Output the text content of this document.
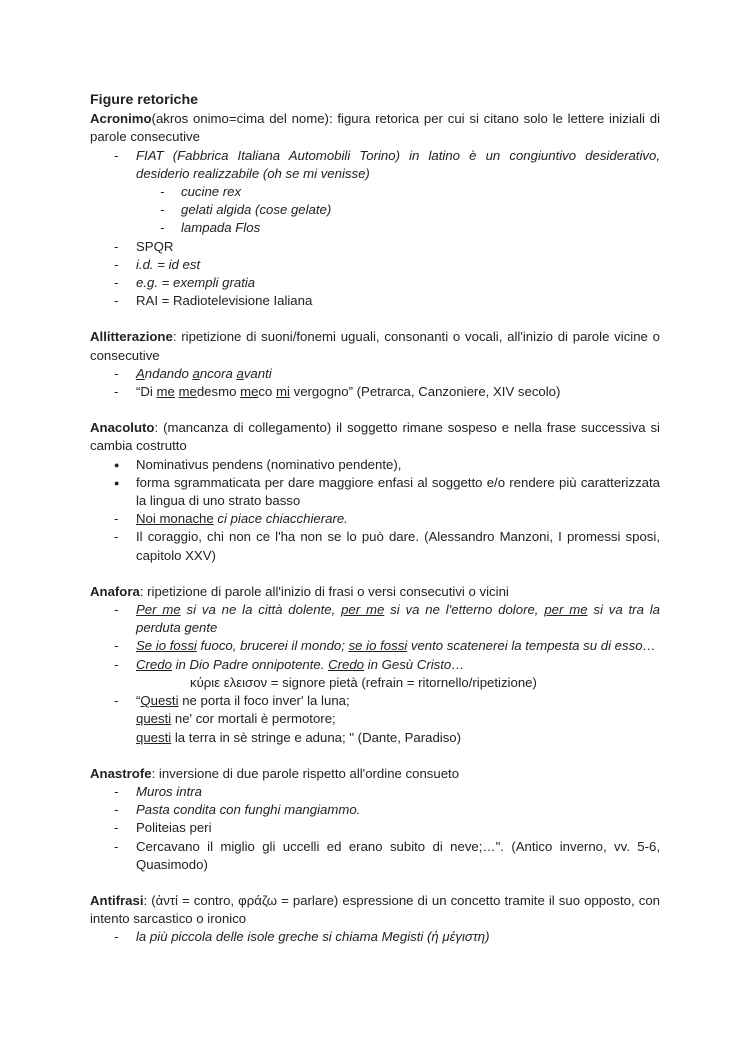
Figure retoriche
Acronimo(akros onimo=cima del nome): figura retorica per cui si citano solo le lettere iniziali di parole consecutive
- FIAT (Fabbrica Italiana Automobili Torino) in latino è un congiuntivo desiderativo, desiderio realizzabile (oh se mi venisse)
- cucine rex
- gelati algida (cose gelate)
- lampada Flos
- SPQR
- i.d. = id est
- e.g. = exempli gratia
- RAI = Radiotelevisione Ialiana
Allitterazione: ripetizione di suoni/fonemi uguali, consonanti o vocali, all'inizio di parole vicine o consecutive
- Andando ancora avanti
- “Di me medesmo meco mi vergogno” (Petrarca, Canzoniere, XIV secolo)
Anacoluto: (mancanza di collegamento) il soggetto rimane sospeso e nella frase successiva si cambia costrutto
● Nominativus pendens (nominativo pendente),
● forma sgrammaticata per dare maggiore enfasi al soggetto e/o rendere più caratterizzata la lingua di uno strato basso
- Noi monache ci piace chiacchierare.
- Il coraggio, chi non ce l'ha non se lo può dare. (Alessandro Manzoni, I promessi sposi, capitolo XXV)
Anafora: ripetizione di parole all'inizio di frasi o versi consecutivi o vicini
- Per me si va ne la città dolente, per me si va ne l'etterno dolore, per me si va tra la perduta gente
- Se io fossi fuoco, brucerei il mondo; se io fossi vento scatenerei la tempesta su di esso…
- Credo in Dio Padre onnipotente. Credo in Gesù Cristo…
κύριε ελεισον = signore pietà (refrain = ritornello/ripetizione)
- “Questi ne porta il foco inver' la luna;
questi ne' cor mortali è permotore;
questi la terra in sè stringe e aduna; " (Dante, Paradiso)
Anastrofe: inversione di due parole rispetto all'ordine consueto
- Muros intra
- Pasta condita con funghi mangiammo.
- Politeias peri
- Cercavano il miglio gli uccelli ed erano subito di neve;…". (Antico inverno, vv. 5-6, Quasimodo)
Antifrasi: (ἀντί = contro, φράζω = parlare) espressione di un concetto tramite il suo opposto, con intento sarcastico o ironico
- la più piccola delle isole greche si chiama Megisti (ἡ μέγιστη)
